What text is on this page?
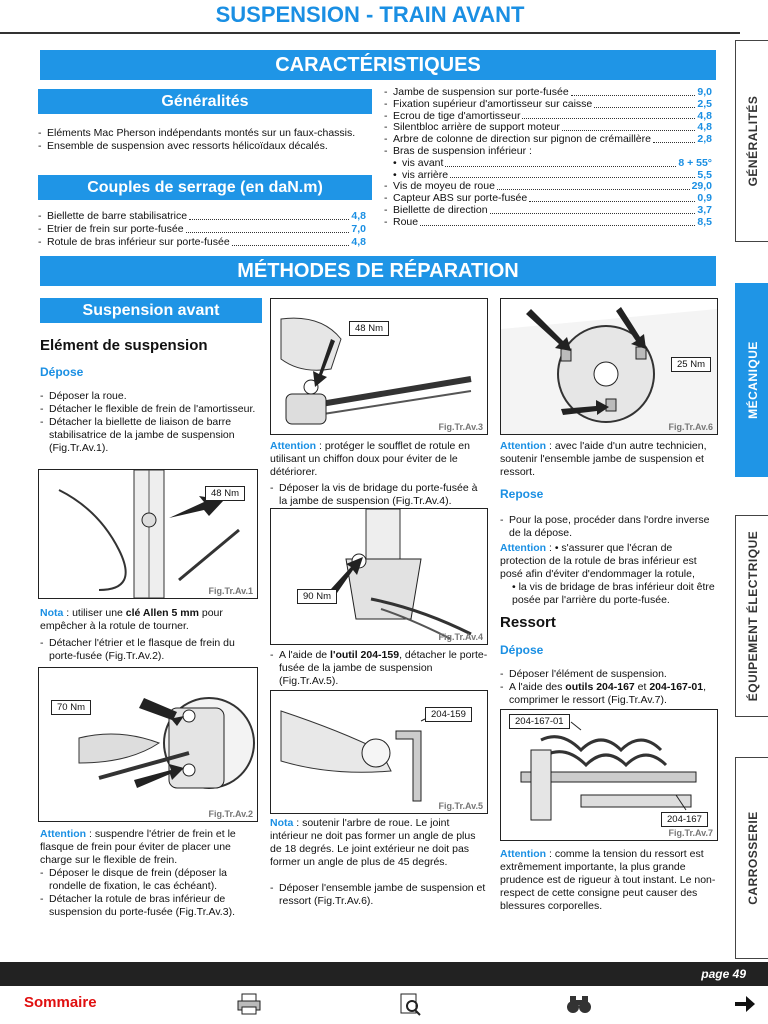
SUSPENSION - TRAIN AVANT
CARACTÉRISTIQUES
Généralités
- Eléments Mac Pherson indépendants montés sur un faux-chassis.
- Ensemble de suspension avec ressorts hélicoïdaux décalés.
Couples de serrage (en daN.m)
- Biellette de barre stabilisatrice	4,8
- Etrier de frein sur porte-fusée	7,0
- Rotule de bras inférieur sur porte-fusée	4,8
- Jambe de suspension sur porte-fusée	9,0
- Fixation supérieur d'amortisseur sur caisse	2,5
- Ecrou de tige d'amortisseur	4,8
- Silentbloc arrière de support moteur	4,8
- Arbre de colonne de direction sur pignon de crémaillère	2,8
- Bras de suspension inférieur :
• vis avant	8 + 55°
• vis arrière	5,5
- Vis de moyeu de roue	29,0
- Capteur ABS sur porte-fusée	0,9
- Biellette de direction	3,7
- Roue	8,5
MÉTHODES DE RÉPARATION
Suspension avant
Elément de suspension
Dépose
- Déposer la roue.
- Détacher le flexible de frein de l'amortisseur.
- Détacher la biellette de liaison de barre stabilisatrice de la jambe de suspension (Fig.Tr.Av.1).
48 Nm
Fig.Tr.Av.1
Nota : utiliser une clé Allen 5 mm pour empêcher à la rotule de tourner.
- Détacher l'étrier et le flasque de frein du porte-fusée (Fig.Tr.Av.2).
70 Nm
Fig.Tr.Av.2
Attention : suspendre l'étrier de frein et le flasque de frein pour éviter de placer une charge sur le flexible de frein.
- Déposer le disque de frein (déposer la rondelle de fixation, le cas échéant).
- Détacher la rotule de bras inférieur de suspension du porte-fusée (Fig.Tr.Av.3).
48 Nm
Fig.Tr.Av.3
Attention : protéger le soufflet de rotule en utilisant un chiffon doux pour éviter de le détériorer.
- Déposer la vis de bridage du porte-fusée à la jambe de suspension (Fig.Tr.Av.4).
90 Nm
Fig.Tr.Av.4
- A l'aide de l'outil 204-159, détacher le porte-fusée de la jambe de suspension (Fig.Tr.Av.5).
204-159
Fig.Tr.Av.5
Nota : soutenir l'arbre de roue. Le joint intérieur ne doit pas former un angle de plus de 18 degrés. Le joint extérieur ne doit pas former un angle de plus de 45 degrés.
- Déposer l'ensemble jambe de suspension et ressort (Fig.Tr.Av.6).
25 Nm
Fig.Tr.Av.6
Attention : avec l'aide d'un autre technicien, soutenir l'ensemble jambe de suspension et ressort.
Repose
- Pour la pose, procéder dans l'ordre inverse de la dépose.
Attention : • s'assurer que l'écran de protection de la rotule de bras inférieur est posé afin d'éviter d'endommager la rotule,
• la vis de bridage de bras inférieur doit être posée par l'arrière du porte-fusée.
Ressort
Dépose
- Déposer l'élément de suspension.
- A l'aide des outils 204-167 et 204-167-01, comprimer le ressort (Fig.Tr.Av.7).
204-167-01
204-167
Fig.Tr.Av.7
Attention : comme la tension du ressort est extrêmement importante, la plus grande prudence est de rigueur à tout instant. Le non-respect de cette consigne peut causer des blessures corporelles.
GÉNÉRALITÉS
MÉCANIQUE
ÉQUIPEMENT ÉLECTRIQUE
CARROSSERIE
page 49
Sommaire
